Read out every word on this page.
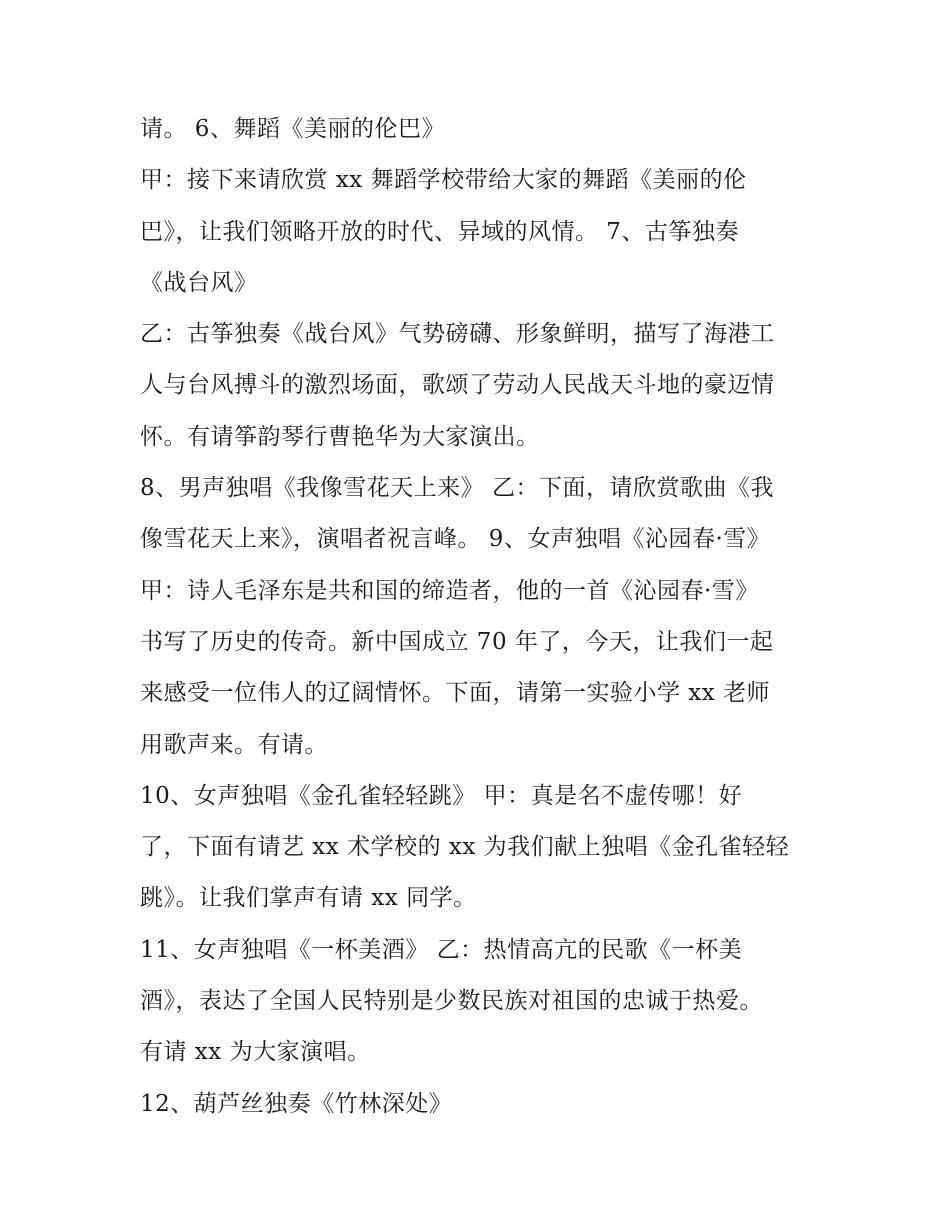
请。 6、舞蹈《美丽的伦巴》
甲：接下来请欣赏 xx 舞蹈学校带给大家的舞蹈《美丽的伦
巴》，让我们领略开放的时代、异域的风情。 7、古筝独奏
《战台风》
乙：古筝独奏《战台风》气势磅礴、形象鲜明，描写了海港工
人与台风搏斗的激烈场面，歌颂了劳动人民战天斗地的豪迈情
怀。有请筝韵琴行曹艳华为大家演出。
8、男声独唱《我像雪花天上来》 乙：下面，请欣赏歌曲《我
像雪花天上来》，演唱者祝言峰。 9、女声独唱《沁园春·雪》
甲：诗人毛泽东是共和国的缔造者，他的一首《沁园春·雪》
书写了历史的传奇。新中国成立 70 年了，今天，让我们一起
来感受一位伟人的辽阔情怀。下面，请第一实验小学 xx 老师
用歌声来。有请。
10、女声独唱《金孔雀轻轻跳》 甲：真是名不虚传哪！好
了，下面有请艺 xx 术学校的 xx 为我们献上独唱《金孔雀轻轻
跳》。让我们掌声有请 xx 同学。
11、女声独唱《一杯美酒》 乙：热情高亢的民歌《一杯美
酒》，表达了全国人民特别是少数民族对祖国的忠诚于热爱。
有请 xx 为大家演唱。
12、葫芦丝独奏《竹林深处》
